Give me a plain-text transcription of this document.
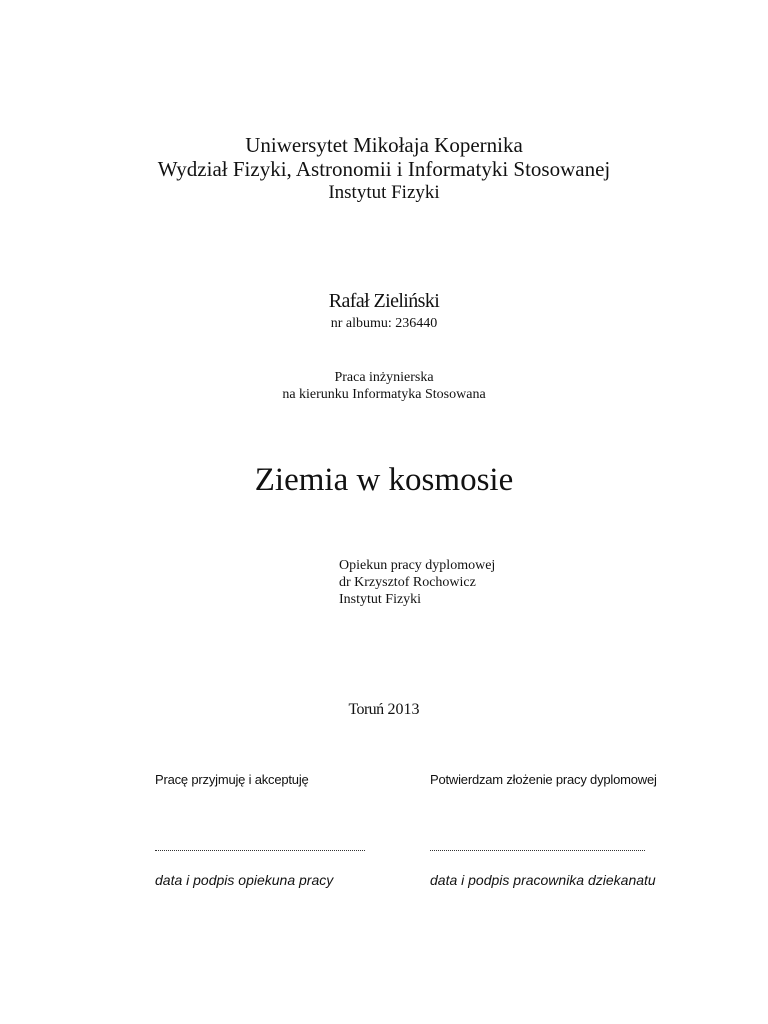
Uniwersytet Mikołaja Kopernika
Wydział Fizyki, Astronomii i Informatyki Stosowanej
Instytut Fizyki
Rafał Zieliński
nr albumu: 236440
Praca inżynierska
na kierunku Informatyka Stosowana
Ziemia w kosmosie
Opiekun pracy dyplomowej
dr Krzysztof Rochowicz
Instytut Fizyki
Toruń 2013
Pracę przyjmuję i akceptuję	Potwierdzam złożenie pracy dyplomowej
data i podpis opiekuna pracy	data i podpis pracownika dziekanatu
